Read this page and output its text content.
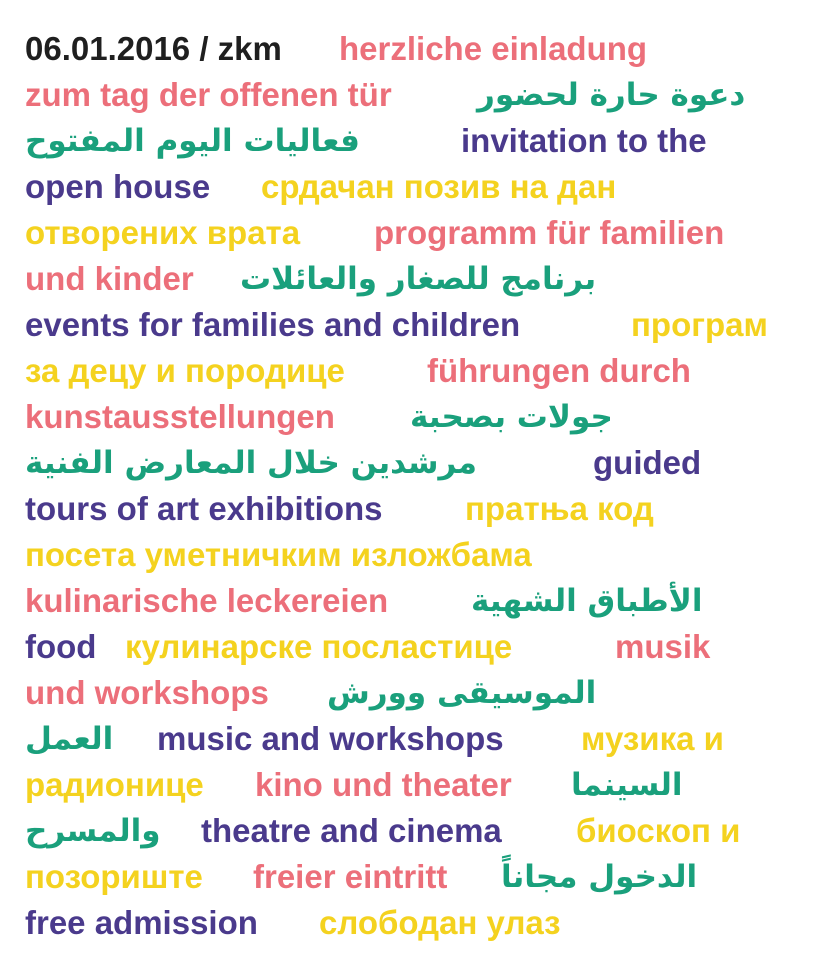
06.01.2016 / zkm herzliche einladung
zum tag der offenen tür	دعوة حارة لحضور
فعاليات اليوم المفتوح	invitation to the
open house срдачан позив на дан
отворених врата programm für familien
und kinder برنامج للصغار والعائلات
events for families and children	програм
за децу и породице führungen durch
kunstausstellungen جولات بصحبة
مرشدين خلال المعارض الفنية	guided
tours of art exhibitions пратња код
посета уметничким изложбама
kulinarische leckereien	الأطباق الشهية
food кулинарске посластице	musik
und workshops الموسيقى وورش
العمل music and workshops музика и
радионице kino und theater السينما
والمسرح theatre and cinema биоскоп и
позориште freier eintritt الدخول مجاناً
free admission слободан улаз
